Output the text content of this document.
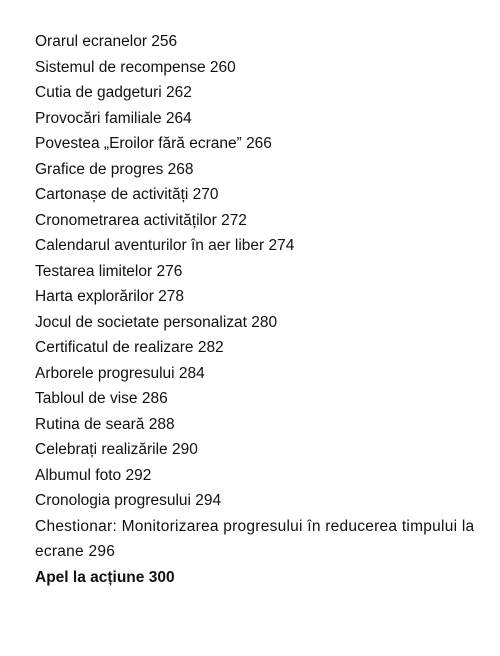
Orarul ecranelor 256
Sistemul de recompense 260
Cutia de gadgeturi 262
Provocări familiale 264
Povestea „Eroilor fără ecrane” 266
Grafice de progres 268
Cartonașe de activități 270
Cronometrarea activităților 272
Calendarul aventurilor în aer liber 274
Testarea limitelor 276
Harta explorărilor 278
Jocul de societate personalizat 280
Certificatul de realizare 282
Arborele progresului 284
Tabloul de vise 286
Rutina de seară 288
Celebrați realizările 290
Albumul foto 292
Cronologia progresului 294
Chestionar: Monitorizarea progresului în reducerea timpului la ecrane 296
Apel la acțiune 300
